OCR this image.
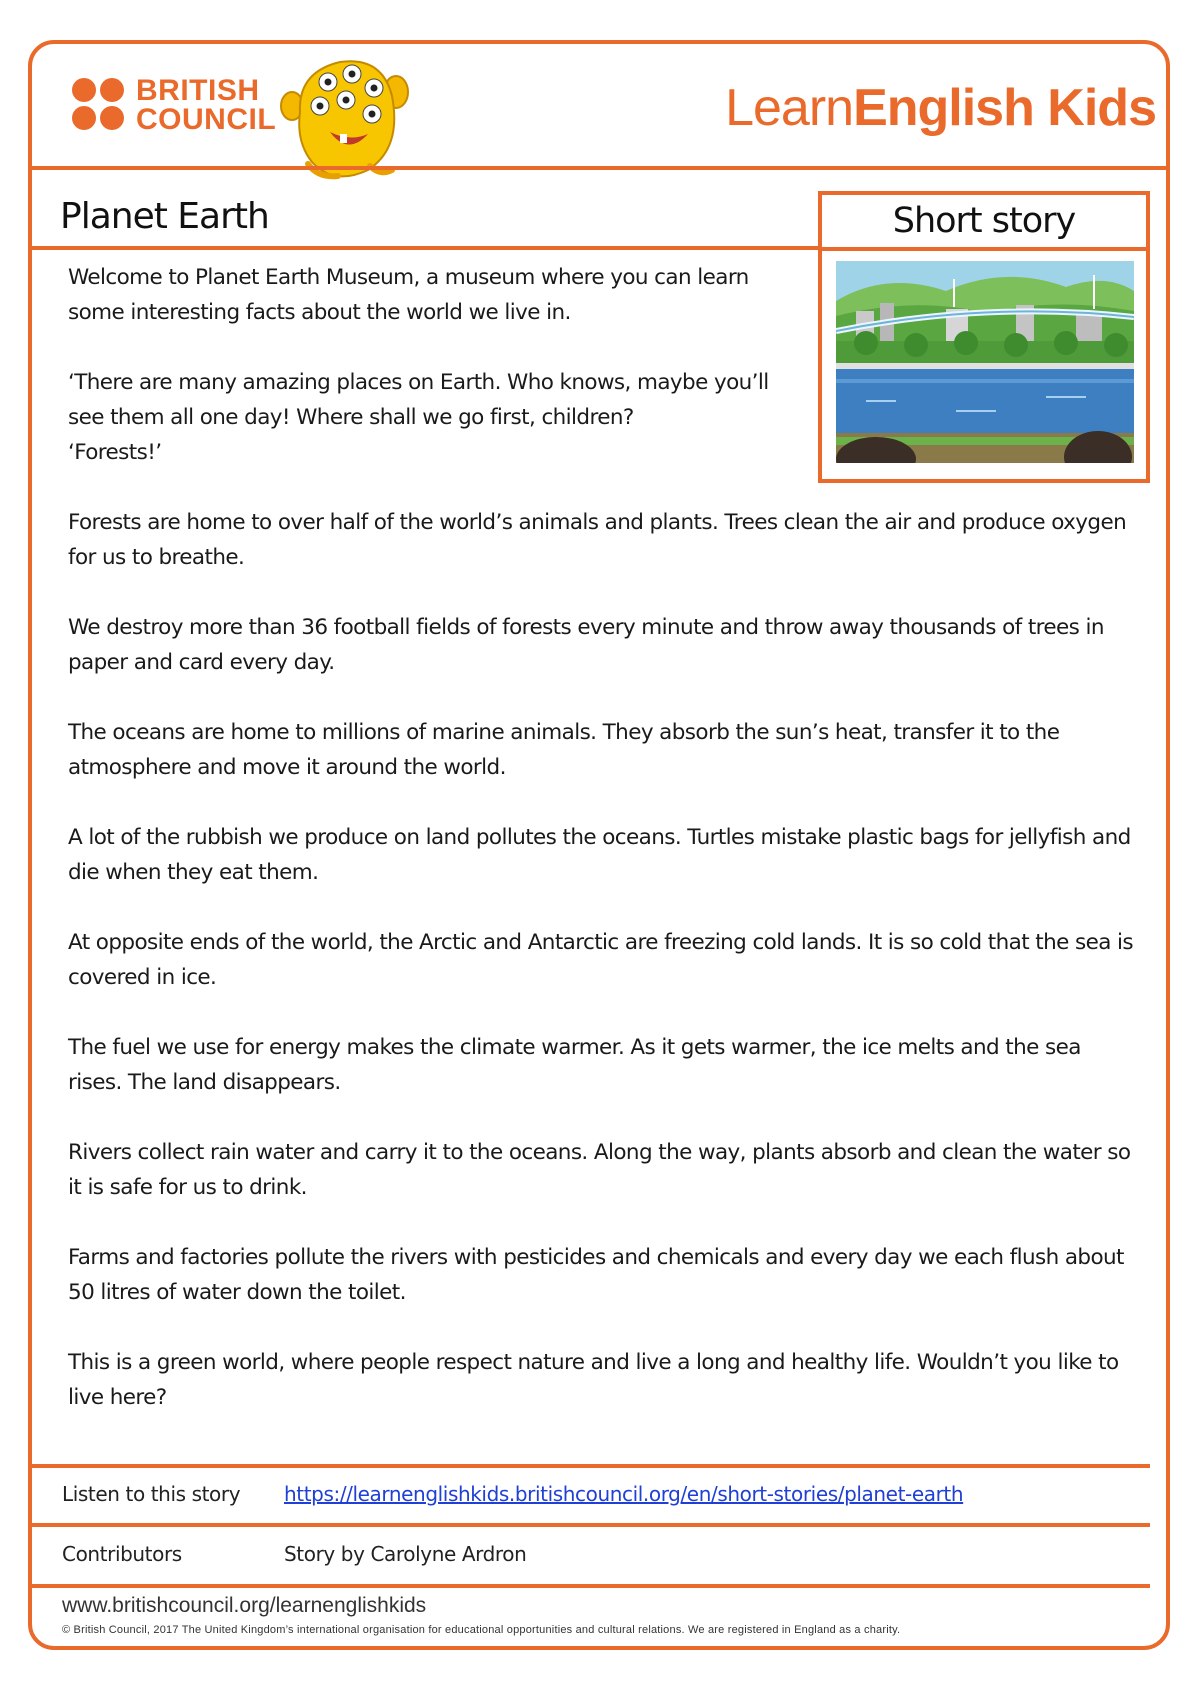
BRITISH COUNCIL	LearnEnglish Kids
Planet Earth	Short story

Welcome to Planet Earth Museum, a museum where you can learn some interesting facts about the world we live in.

‘There are many amazing places on Earth. Who knows, maybe you’ll see them all one day! Where shall we go first, children?

‘Forests!’

Forests are home to over half of the world’s animals and plants. Trees clean the air and produce oxygen for us to breathe.

We destroy more than 36 football fields of forests every minute and throw away thousands of trees in paper and card every day.

The oceans are home to millions of marine animals. They absorb the sun’s heat, transfer it to the atmosphere and move it around the world.

A lot of the rubbish we produce on land pollutes the oceans. Turtles mistake plastic bags for jellyfish and die when they eat them.

At opposite ends of the world, the Arctic and Antarctic are freezing cold lands. It is so cold that the sea is covered in ice.

The fuel we use for energy makes the climate warmer. As it gets warmer, the ice melts and the sea rises. The land disappears.

Rivers collect rain water and carry it to the oceans. Along the way, plants absorb and clean the water so it is safe for us to drink.

Farms and factories pollute the rivers with pesticides and chemicals and every day we each flush about 50 litres of water down the toilet.

This is a green world, where people respect nature and live a long and healthy life. Wouldn’t you like to live here?

Listen to this story https://learnenglishkids.britishcouncil.org/en/short-stories/planet-earth
Contributors	Story by Carolyne Ardron
www.britishcouncil.org/learnenglishkids
© British Council, 2017 The United Kingdom’s international organisation for educational opportunities and cultural relations. We are registered in England as a charity.
